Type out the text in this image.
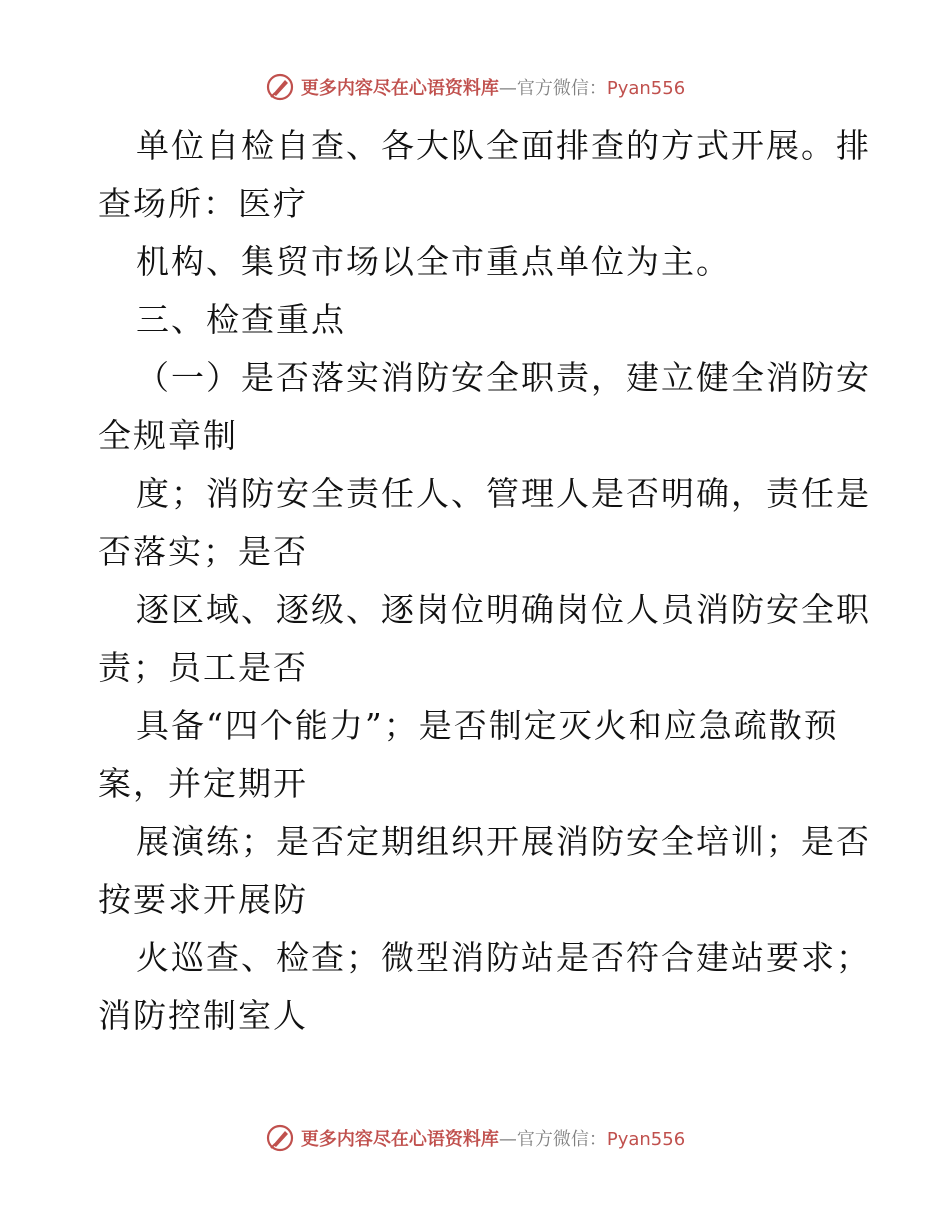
更多内容尽在心语资料库—官方微信：Pyan556
单位自检自查、各大队全面排查的方式开展。排
查场所：医疗
机构、集贸市场以全市重点单位为主。
三、检查重点
（一）是否落实消防安全职责，建立健全消防安
全规章制
度；消防安全责任人、管理人是否明确，责任是
否落实；是否
逐区域、逐级、逐岗位明确岗位人员消防安全职
责；员工是否
具备“四个能力”；是否制定灭火和应急疏散预
案，并定期开
展演练；是否定期组织开展消防安全培训；是否
按要求开展防
火巡查、检查；微型消防站是否符合建站要求；
消防控制室人
更多内容尽在心语资料库—官方微信：Pyan556
